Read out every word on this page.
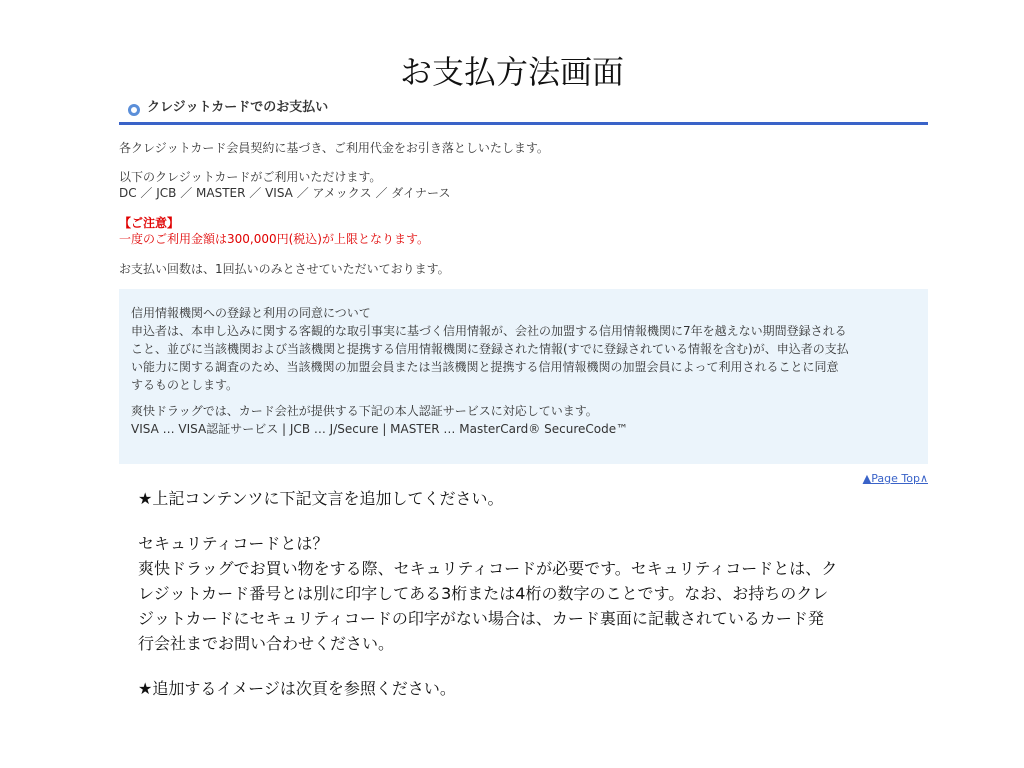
お支払方法画面
クレジットカードでのお支払い
各クレジットカード会員契約に基づき、ご利用代金をお引き落としいたします。
以下のクレジットカードがご利用いただけます。
DC ／ JCB ／ MASTER ／ VISA ／ アメックス ／ ダイナース
【ご注意】
一度のご利用金額は300,000円(税込)が上限となります。
お支払い回数は、1回払いのみとさせていただいております。
信用情報機関への登録と利用の同意について
申込者は、本申し込みに関する客観的な取引事実に基づく信用情報が、会社の加盟する信用情報機関に7年を越えない期間登録される
こと、並びに当該機関および当該機関と提携する信用情報機関に登録された情報(すでに登録されている情報を含む)が、申込者の支払
い能力に関する調査のため、当該機関の加盟会員または当該機関と提携する信用情報機関の加盟会員によって利用されることに同意
するものとします。
爽快ドラッグでは、カード会社が提供する下記の本人認証サービスに対応しています。
VISA … VISA認証サービス | JCB … J/Secure | MASTER … MasterCard® SecureCode™
▲Page Top∧
★上記コンテンツに下記文言を追加してください。
セキュリティコードとは？
爽快ドラッグでお買い物をする際、セキュリティコードが必要です。セキュリティコードとは、ク
レジットカード番号とは別に印字してある3桁または4桁の数字のことです。なお、お持ちのクレ
ジットカードにセキュリティコードの印字がない場合は、カード裏面に記載されているカード発
行会社までお問い合わせください。
★追加するイメージは次頁を参照ください。
